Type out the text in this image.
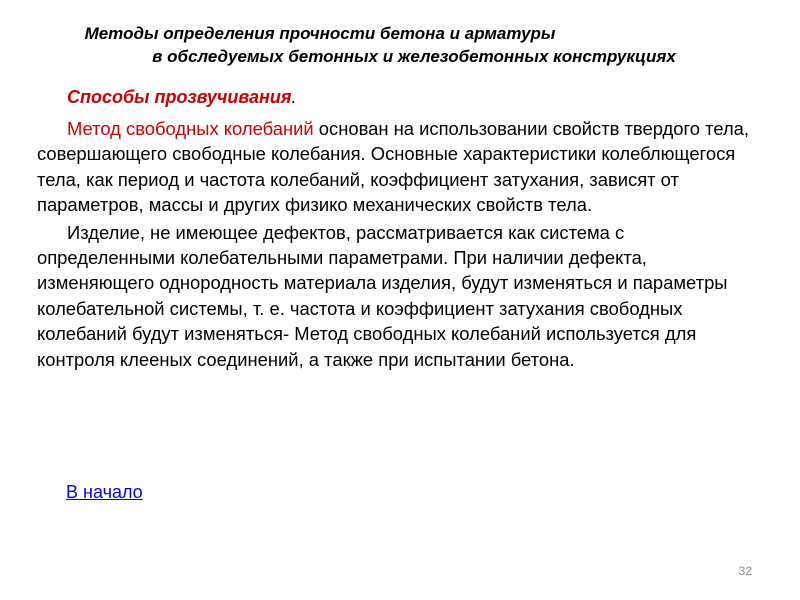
Методы определения прочности бетона и арматуры
в обследуемых бетонных и железобетонных конструкциях
Способы прозвучивания.

Метод свободных колебаний основан на использовании свойств твердого тела, совершающего свободные колебания. Основные характеристики колеблющегося тела, как период и частота колебаний, коэффициент затухания, зависят от параметров, массы и других физико механических свойств тела.

Изделие, не имеющее дефектов, рассматривается как система с определенными колебательными параметрами. При наличии дефекта, изменяющего однородность материала изделия, будут изменяться и параметры колебательной системы, т. е. частота и коэффициент затухания свободных колебаний будут изменяться- Метод свободных колебаний используется для контроля клееных соединений, а также при испытании бетона.

В начало
32
